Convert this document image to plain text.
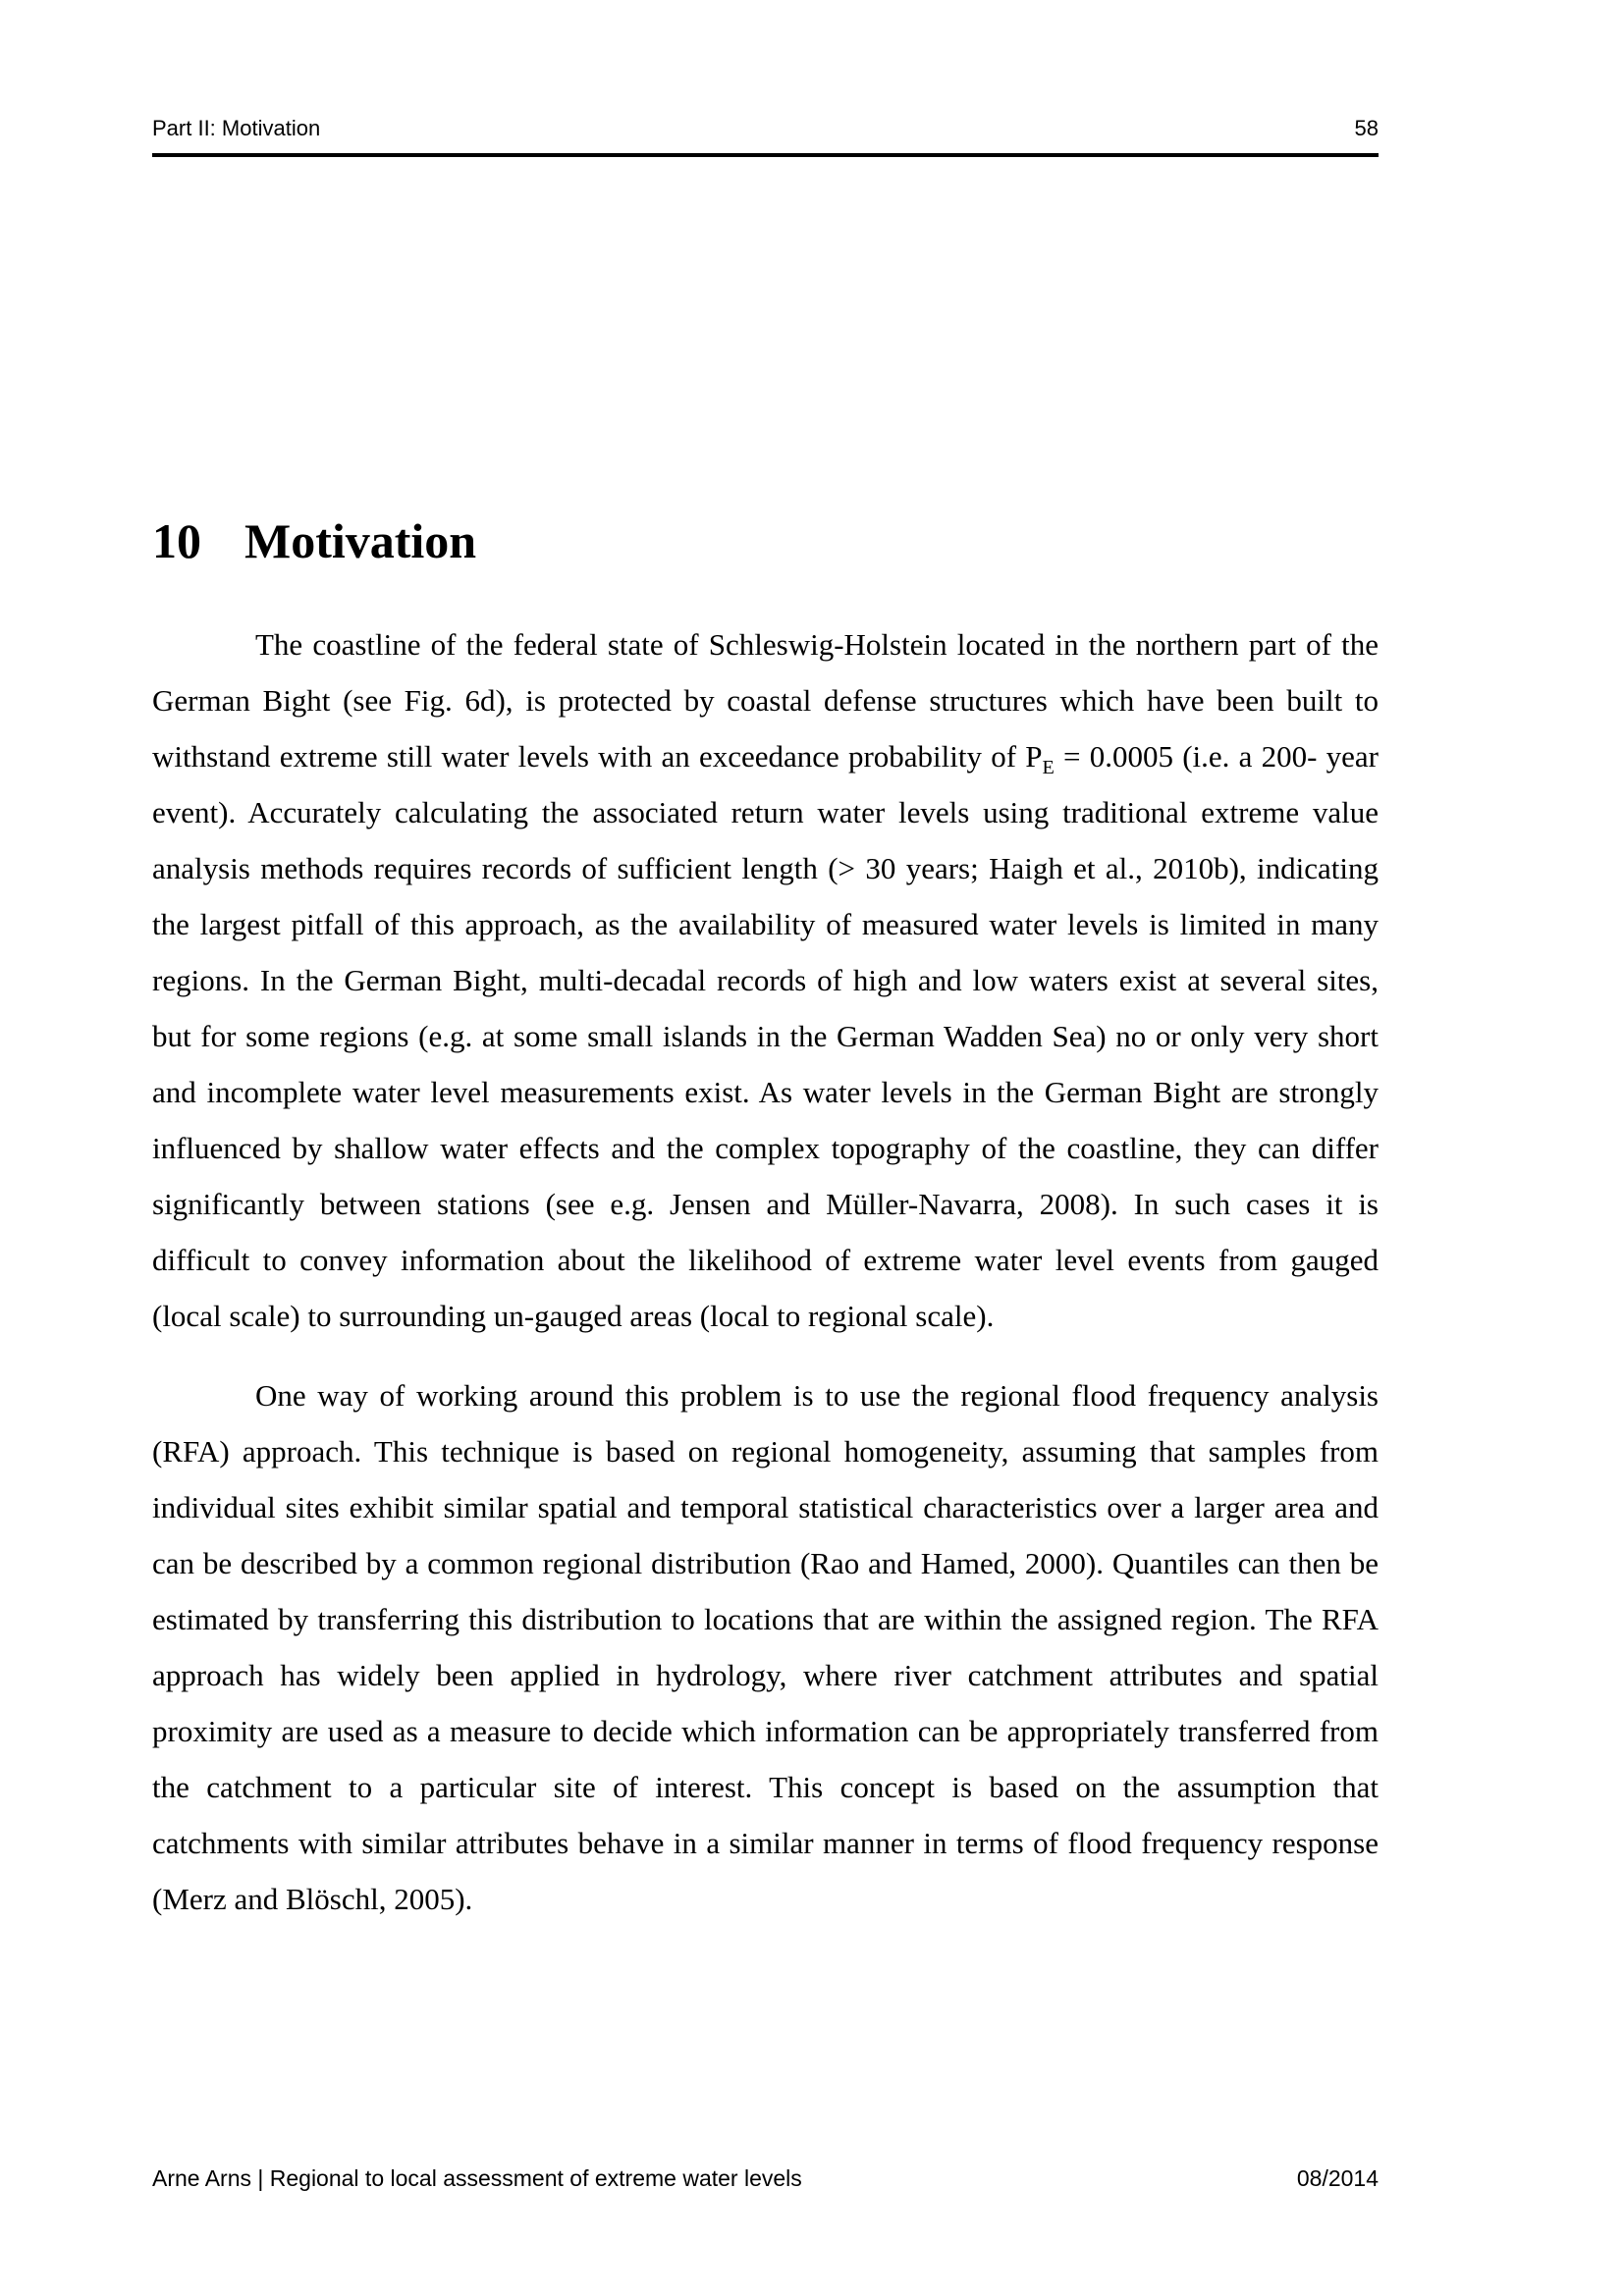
Part II: Motivation	58
10 Motivation

The coastline of the federal state of Schleswig-Holstein located in the northern part of the German Bight (see Fig. 6d), is protected by coastal defense structures which have been built to withstand extreme still water levels with an exceedance probability of $P_E = 0.0005$ (i.e. a 200- year event). Accurately calculating the associated return water levels using traditional extreme value analysis methods requires records of sufficient length (> 30 years; Haigh et al., 2010b), indicating the largest pitfall of this approach, as the availability of measured water levels is limited in many regions. In the German Bight, multi-decadal records of high and low waters exist at several sites, but for some regions (e.g. at some small islands in the German Wadden Sea) no or only very short and incomplete water level measurements exist. As water levels in the German Bight are strongly influenced by shallow water effects and the complex topography of the coastline, they can differ significantly between stations (see e.g. Jensen and Müller-Navarra, 2008). In such cases it is difficult to convey information about the likelihood of extreme water level events from gauged (local scale) to surrounding un-gauged areas (local to regional scale).

One way of working around this problem is to use the regional flood frequency analysis (RFA) approach. This technique is based on regional homogeneity, assuming that samples from individual sites exhibit similar spatial and temporal statistical characteristics over a larger area and can be described by a common regional distribution (Rao and Hamed, 2000). Quantiles can then be estimated by transferring this distribution to locations that are within the assigned region. The RFA approach has widely been applied in hydrology, where river catchment attributes and spatial proximity are used as a measure to decide which information can be appropriately transferred from the catchment to a particular site of interest. This concept is based on the assumption that catchments with similar attributes behave in a similar manner in terms of flood frequency response (Merz and Blöschl, 2005).

Arne Arns | Regional to local assessment of extreme water levels	08/2014
